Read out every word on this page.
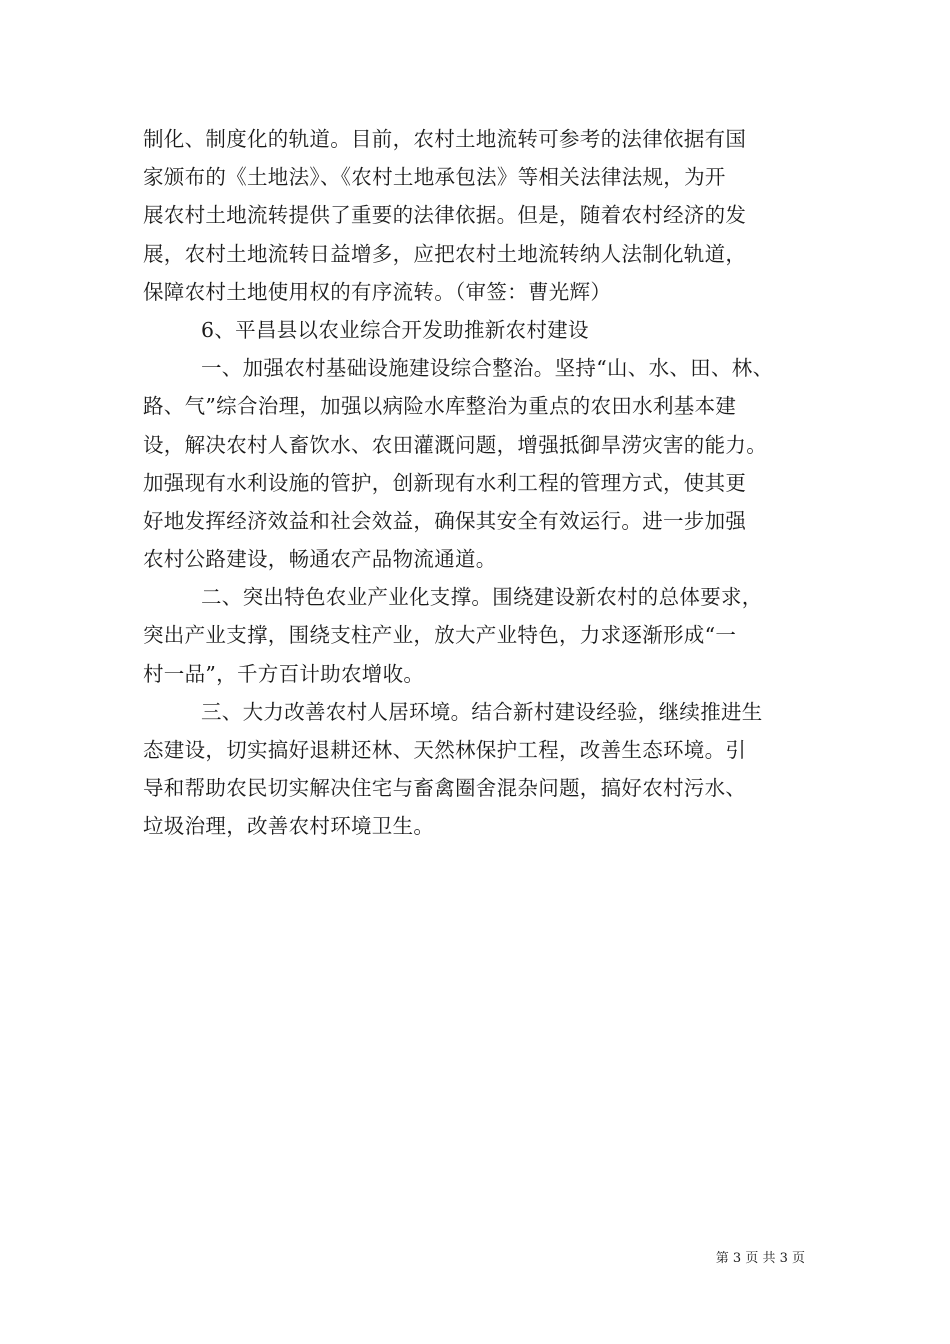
制化、制度化的轨道。目前，农村土地流转可参考的法律依据有国
家颁布的《土地法》、《农村土地承包法》等相关法律法规，为开
展农村土地流转提供了重要的法律依据。但是，随着农村经济的发
展，农村土地流转日益增多，应把农村土地流转纳人法制化轨道，
保障农村土地使用权的有序流转。（审签：曹光辉）
6、平昌县以农业综合开发助推新农村建设
一、加强农村基础设施建设综合整治。坚持“山、水、田、林、
路、气”综合治理，加强以病险水库整治为重点的农田水利基本建
设，解决农村人畜饮水、农田灌溉问题，增强抵御旱涝灾害的能力。
加强现有水利设施的管护，创新现有水利工程的管理方式，使其更
好地发挥经济效益和社会效益，确保其安全有效运行。进一步加强
农村公路建设，畅通农产品物流通道。
二、突出特色农业产业化支撑。围绕建设新农村的总体要求，
突出产业支撑，围绕支柱产业，放大产业特色，力求逐渐形成“一
村一品”，千方百计助农增收。
三、大力改善农村人居环境。结合新村建设经验，继续推进生
态建设，切实搞好退耕还林、天然林保护工程，改善生态环境。引
导和帮助农民切实解决住宅与畜禽圈舍混杂问题，搞好农村污水、
垃圾治理，改善农村环境卫生。
第 3 页 共 3 页
